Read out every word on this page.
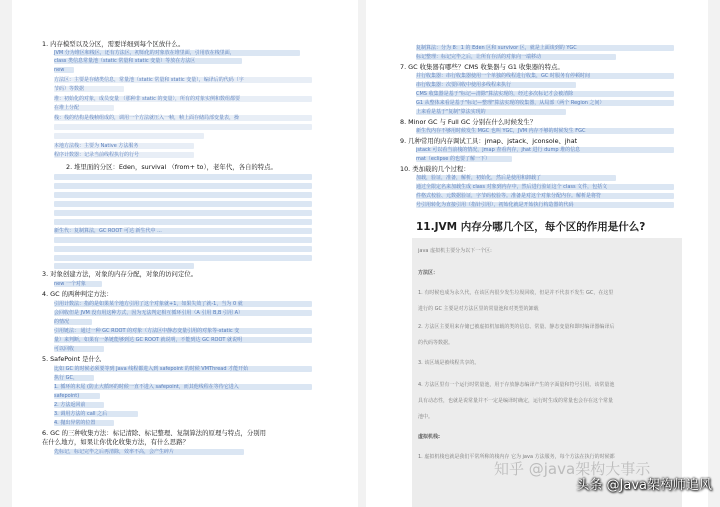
1. 内存模型以及分区，需要详细到每个区放什么。
JVM 分为堆区和栈区，还有方法区，初始化的对象放在堆里面，引用放在栈里面，
class 类信息常量池（static 常量和 static 变量）等放在方法区
new
方法区：主要是存储类信息，常量池（static 常量和 static 变量），编译后的代码（字
节码）等数据
堆：初始化的对象，成员变量 （那种非 static 的变量），所有的对象实例和数组都要
在堆上分配
栈：栈的结构是栈帧组成的，调用一个方法就压入一帧，帧上面存储局部变量表，操
本地方法栈：主要为 Native 方法服务
程序计数器：记录当前线程执行的行号
2. 堆里面的分区：Eden，survival （from+ to），老年代，各自的特点。
新生代：复制算法，GC ROOT 可达 新生代中 ...
3. 对象创建方法，对象的内存分配，对象的访问定位。
new 一个对象
4. GC 的两种判定方法：
引用计数法：指的是如果某个地方引用了这个对象就+1，如果失效了就-1，当为 0 就
会回收但是 JVM 没有用这种方式，因为无法判定相互循环引用（A 引用 B,B 引用 A）
的情况
引用链法： 通过一种 GC ROOT 的对象（方法区中静态变量引用的对象等-static 变
量）来判断，如果有一条链能够到达 GC ROOT 就说明，不能到达 GC ROOT 就说明
可以回收
5. SafePoint 是什么
比如 GC 的时候必须要等到 Java 线程都进入到 safepoint 的时候 VMThread 才能开始
执行 GC，
1. 循环的末尾 (防止大循环的时候一直不进入 safepoint，而其他线程在等待它进入
safepoint)
2. 方法返回前
3. 调用方法的 call 之后
4. 抛出异常的位置
6. GC 的三种收集方法：标记清除、标记整理、复制算法的原理与特点，分别用
在什么地方，如果让你优化收集方法，有什么思路？
先标记，标记完毕之后再清除，效率不高，会产生碎片
复制算法：分为 8：1 的 Eden 区和 survivor 区，就是上面谈到的 YGC
标记整理：标记完毕之后，让所有存活的对象向一端移动
7. GC 收集器有哪些？CMS 收集器与 G1 收集器的特点。
并行收集器：串行收集器使用一个单独的线程进行收集，GC 时服务有停顿时间
串行收集器：次要回收中使用多线程来执行
CMS 收集器是基于"标记—清除"算法实现的，经过多次标记才会被清除
G1 从整体来看是基于"标记—整理"算法实现的收集器，从局部（两个 Region 之间）
上来看是基于"复制"算法实现的
8. Minor GC 与 Full GC 分别在什么时候发生？
新生代内存不够用时候发生 MGC 也叫 YGC，JVM 内存不够的时候发生 FGC
9. 几种常用的内存调试工具：jmap、jstack、jconsole、jhat
jstack 可以看当前栈的情况，jmap 查看内存，jhat 进行 dump 堆的信息
mat（eclipse 的也要了解一下）
10. 类加载的几个过程：
加载，验证，准备，解析，初始化，然后是使用和卸载了
通过全限定名来加载生成 class 对象到内存中，然后进行验证这个 class 文件，包括文
件格式校验、元数据验证，字节码校验等。准备是对这个对象分配内存。解析是将符
号引用转化为直接引用（指针引用），初始化就是开始执行构造器的代码
11.JVM 内存分哪几个区，每个区的作用是什么?
java 虚拟机主要分为以下一个区:
方法区：
1. 有时候也成为永久代，在该区内很少发生垃圾回收，但是并不代表不发生 GC，在这里
进行的 GC 主要是对方法区里的常量池和对类型的卸载
2. 方法区主要用来存储已被虚拟机加载的类的信息、常量、静态变量和即时编译器编译后
的代码等数据。
3. 该区域是被线程共享的。
4. 方法区里有一个运行时常量池，用于存放静态编译产生的字面量和符号引用。该常量池
具有动态性，也就是说常量并不一定是编译时确定，运行时生成的常量也会存在这个常量
池中。
虚拟机栈:
1. 虚拟机栈也就是我们平常所称的栈内存 它为 java 方法服务，每个方法在执行的时候都
知乎 @java架构大事示
头条 @Java架构师追风
